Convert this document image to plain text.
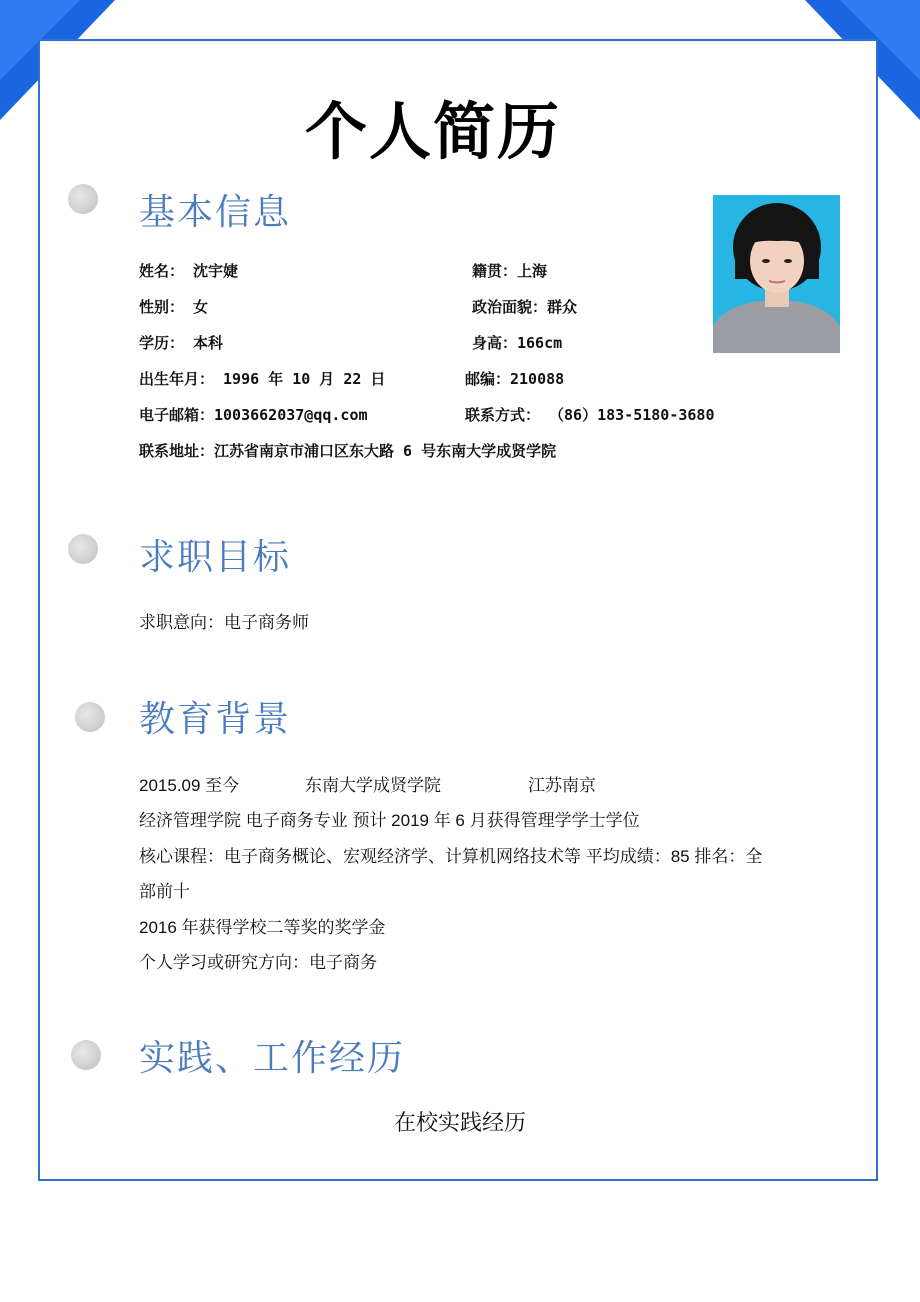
个人简历
基本信息
姓名： 沈宇婕	籍贯：上海
性别： 女	政治面貌：群众
学历： 本科	身高：166cm
出生年月： 1996 年 10 月 22 日	邮编：210088
电子邮箱：1003662037@qq.com	联系方式： （86）183-5180-3680
联系地址：江苏省南京市浦口区东大路 6 号东南大学成贤学院
求职目标
求职意向：电子商务师
教育背景
2015.09 至今	东南大学成贤学院	江苏南京
经济管理学院 电子商务专业 预计 2019 年 6 月获得管理学学士学位
核心课程：电子商务概论、宏观经济学、计算机网络技术等 平均成绩：85 排名：全
部前十
2016 年获得学校二等奖的奖学金
个人学习或研究方向：电子商务
实践、工作经历
在校实践经历
